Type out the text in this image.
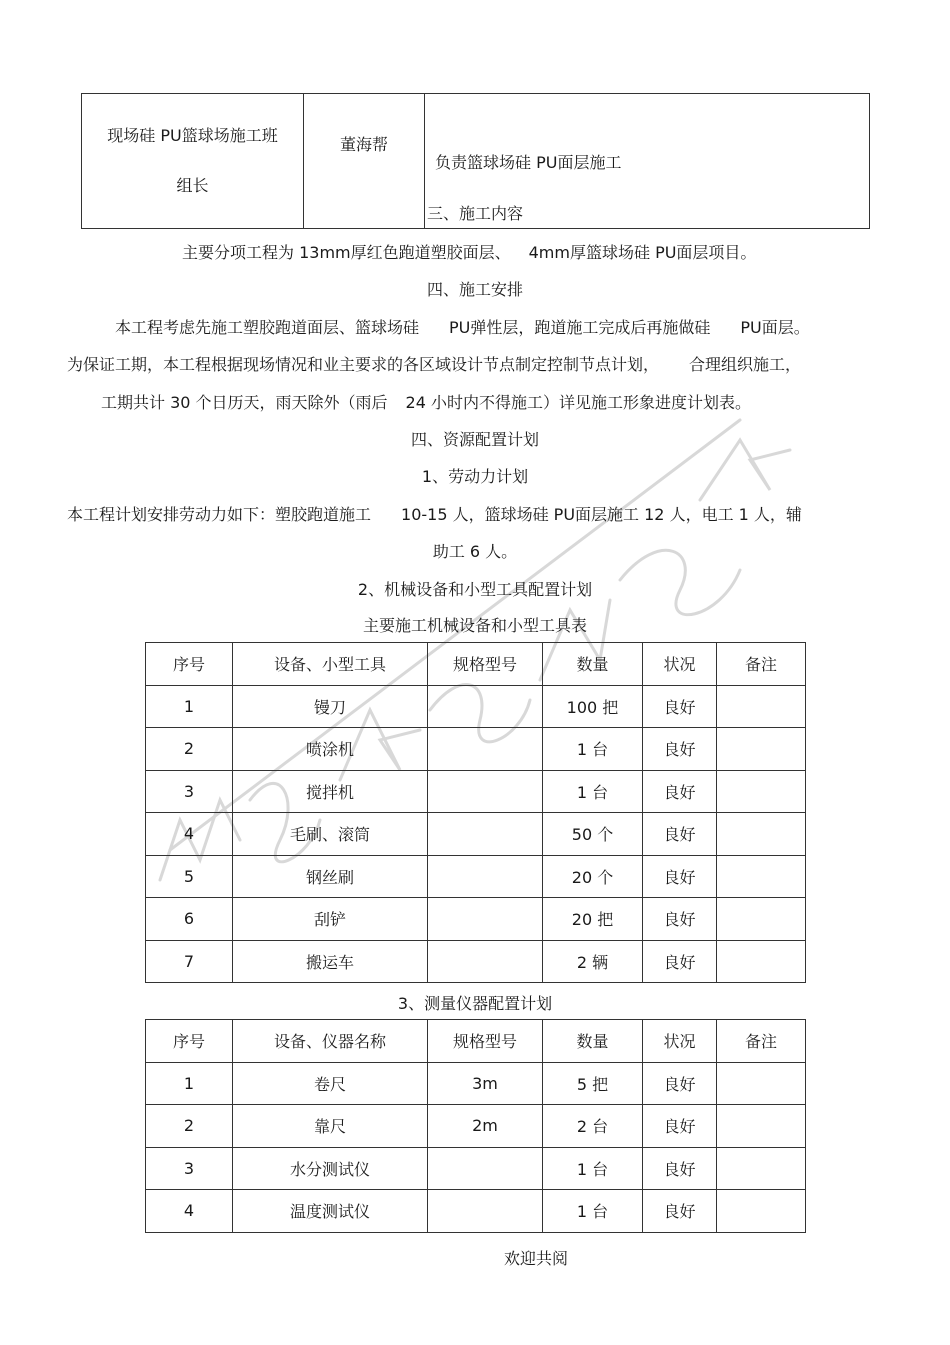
现场硅 PU篮球场施工班
组长
	董海帮	负责篮球场硅 PU面层施工
三、施工内容
主要分项工程为 13mm厚红色跑道塑胶面层、 4mm厚篮球场硅 PU面层项目。
四、施工安排
本工程考虑先施工塑胶跑道面层、篮球场硅 PU弹性层，跑道施工完成后再施做硅 PU面层。
为保证工期，本工程根据现场情况和业主要求的各区域设计节点制定控制节点计划， 合理组织施工，
工期共计 30 个日历天，雨天除外（雨后 24 小时内不得施工）详见施工形象进度计划表。
四、资源配置计划
1、劳动力计划
本工程计划安排劳动力如下：塑胶跑道施工 10-15 人，篮球场硅 PU面层施工 12 人，电工 1 人，辅
助工 6 人。
2、机械设备和小型工具配置计划
主要施工机械设备和小型工具表
序号	设备、小型工具	规格型号	数量	状况	备注
1	镘刀		100 把	良好	
2	喷涂机		1 台	良好	
3	搅拌机		1 台	良好	
4	毛刷、滚筒		50 个	良好	
5	钢丝刷		20 个	良好	
6	刮铲		20 把	良好	
7	搬运车		2 辆	良好	
3、测量仪器配置计划
序号	设备、仪器名称	规格型号	数量	状况	备注
1	卷尺	3m	5 把	良好	
2	靠尺	2m	2 台	良好	
3	水分测试仪		1 台	良好	
4	温度测试仪		1 台	良好	
欢迎共阅
